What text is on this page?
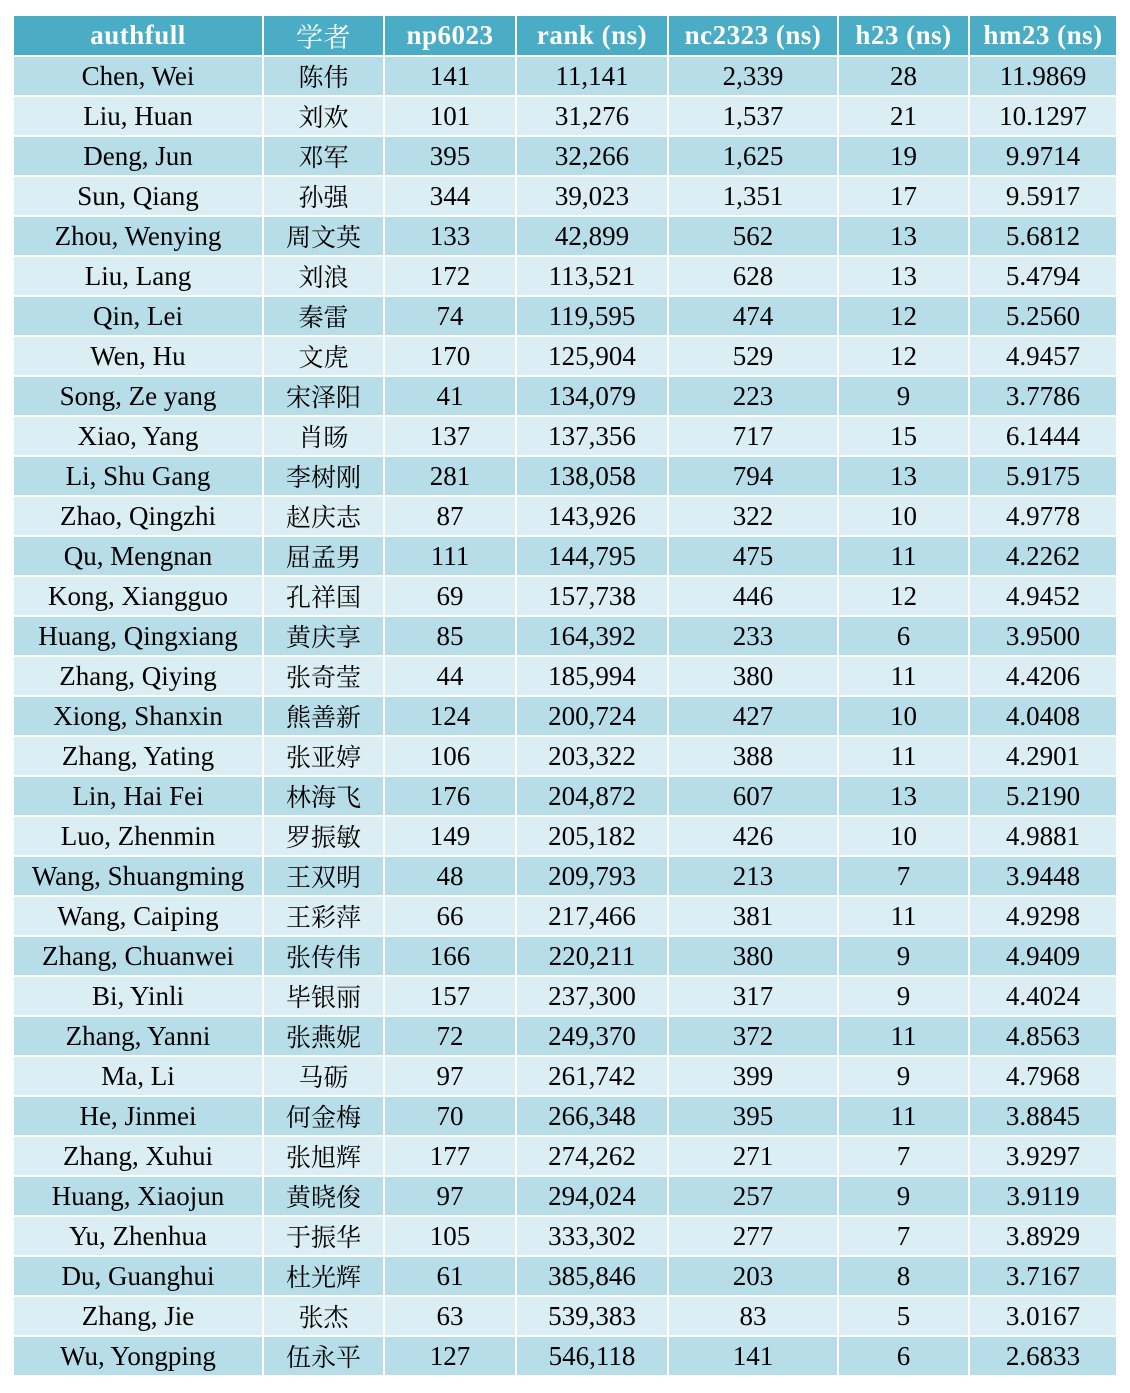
authfull	学者	np6023	rank (ns)	nc2323 (ns)	h23 (ns)	hm23 (ns)
Chen, Wei	陈伟	141	11,141	2,339	28	11.9869
Liu, Huan	刘欢	101	31,276	1,537	21	10.1297
Deng, Jun	邓军	395	32,266	1,625	19	9.9714
Sun, Qiang	孙强	344	39,023	1,351	17	9.5917
Zhou, Wenying	周文英	133	42,899	562	13	5.6812
Liu, Lang	刘浪	172	113,521	628	13	5.4794
Qin, Lei	秦雷	74	119,595	474	12	5.2560
Wen, Hu	文虎	170	125,904	529	12	4.9457
Song, Ze yang	宋泽阳	41	134,079	223	9	3.7786
Xiao, Yang	肖旸	137	137,356	717	15	6.1444
Li, Shu Gang	李树刚	281	138,058	794	13	5.9175
Zhao, Qingzhi	赵庆志	87	143,926	322	10	4.9778
Qu, Mengnan	屈孟男	111	144,795	475	11	4.2262
Kong, Xiangguo	孔祥国	69	157,738	446	12	4.9452
Huang, Qingxiang	黄庆享	85	164,392	233	6	3.9500
Zhang, Qiying	张奇莹	44	185,994	380	11	4.4206
Xiong, Shanxin	熊善新	124	200,724	427	10	4.0408
Zhang, Yating	张亚婷	106	203,322	388	11	4.2901
Lin, Hai Fei	林海飞	176	204,872	607	13	5.2190
Luo, Zhenmin	罗振敏	149	205,182	426	10	4.9881
Wang, Shuangming	王双明	48	209,793	213	7	3.9448
Wang, Caiping	王彩萍	66	217,466	381	11	4.9298
Zhang, Chuanwei	张传伟	166	220,211	380	9	4.9409
Bi, Yinli	毕银丽	157	237,300	317	9	4.4024
Zhang, Yanni	张燕妮	72	249,370	372	11	4.8563
Ma, Li	马砺	97	261,742	399	9	4.7968
He, Jinmei	何金梅	70	266,348	395	11	3.8845
Zhang, Xuhui	张旭辉	177	274,262	271	7	3.9297
Huang, Xiaojun	黄晓俊	97	294,024	257	9	3.9119
Yu, Zhenhua	于振华	105	333,302	277	7	3.8929
Du, Guanghui	杜光辉	61	385,846	203	8	3.7167
Zhang, Jie	张杰	63	539,383	83	5	3.0167
Wu, Yongping	伍永平	127	546,118	141	6	2.6833
